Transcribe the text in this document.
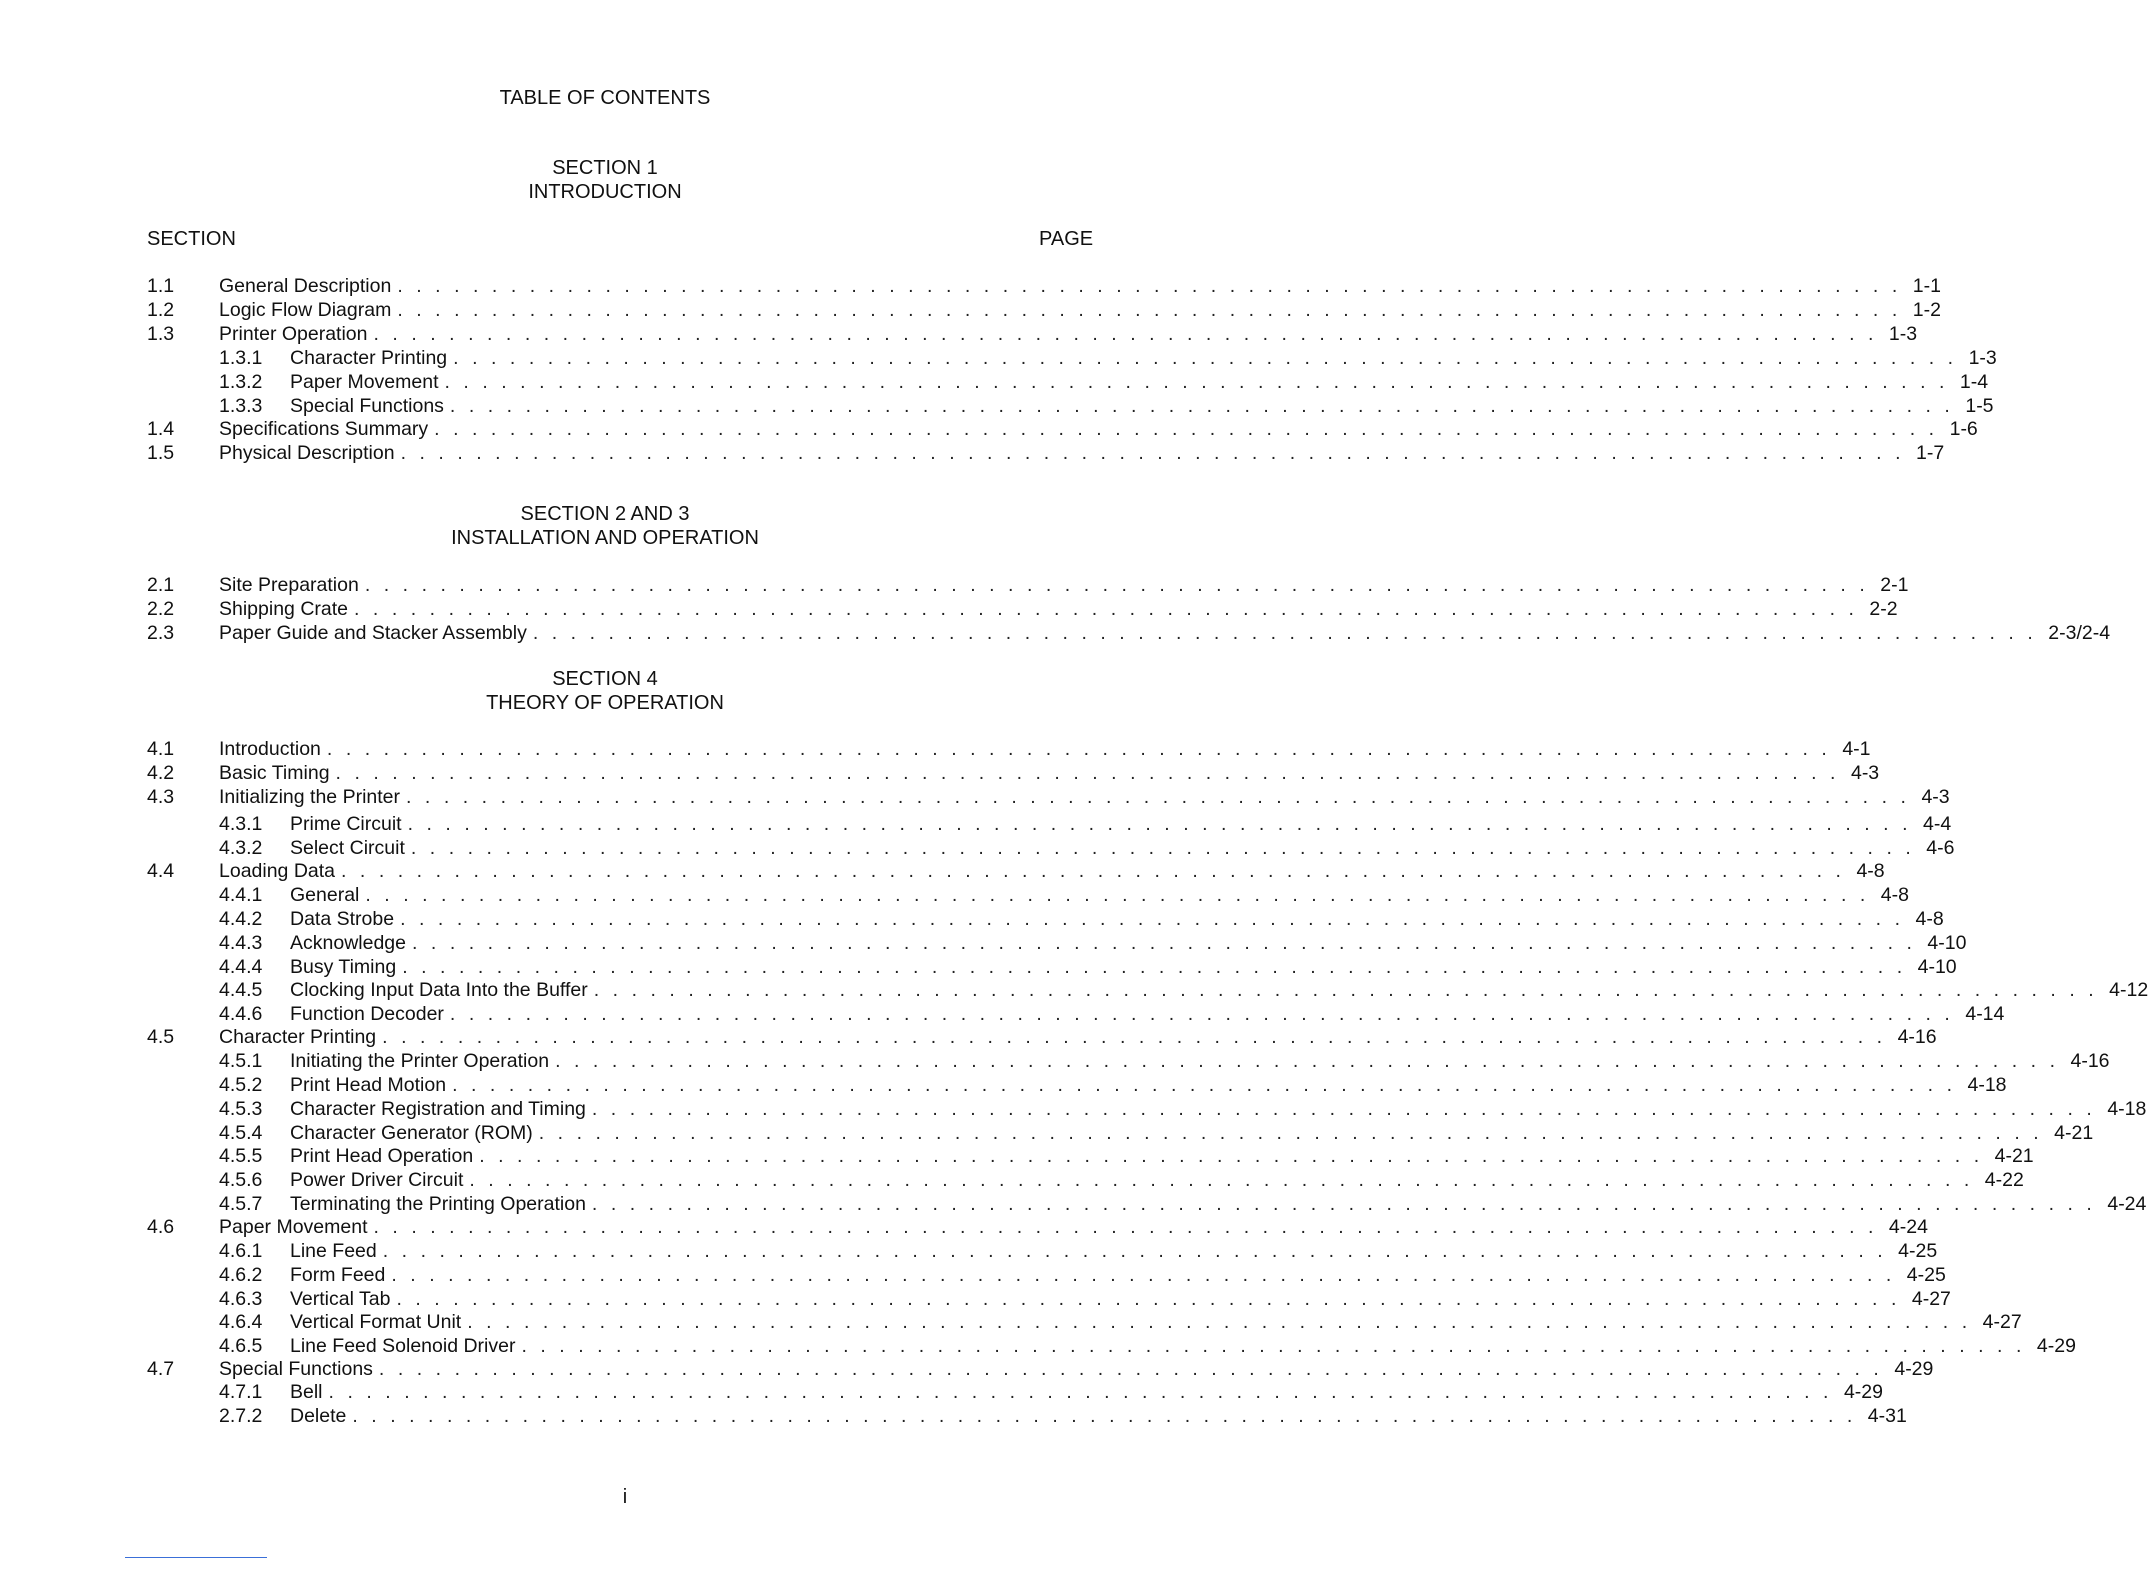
TABLE OF CONTENTS
SECTION 1
INTRODUCTION
SECTION	PAGE
SECTION 2 AND 3
INSTALLATION AND OPERATION
SECTION 4
THEORY OF OPERATION
1.1	General Description ................................................................................ 1-1
1.2	Logic Flow Diagram ................................................................................ 1-2
1.3	Printer Operation ................................................................................ 1-3
1.3.1	Character Printing ................................................................................ 1-3
1.3.2	Paper Movement ................................................................................ 1-4
1.3.3	Special Functions ................................................................................ 1-5
1.4	Specifications Summary ................................................................................ 1-6
1.5	Physical Description ................................................................................ 1-7
2.1	Site Preparation ................................................................................ 2-1
2.2	Shipping Crate ................................................................................ 2-2
2.3	Paper Guide and Stacker Assembly ................................................................................ 2-3/2-4
4.1	Introduction ................................................................................ 4-1
4.2	Basic Timing ................................................................................ 4-3
4.3	Initializing the Printer ................................................................................ 4-3
4.3.1	Prime Circuit ................................................................................ 4-4
4.3.2	Select Circuit ................................................................................ 4-6
4.4	Loading Data ................................................................................ 4-8
4.4.1	General ................................................................................ 4-8
4.4.2	Data Strobe ................................................................................ 4-8
4.4.3	Acknowledge ................................................................................ 4-10
4.4.4	Busy Timing ................................................................................ 4-10
4.4.5	Clocking Input Data Into the Buffer ................................................................................ 4-12
4.4.6	Function Decoder ................................................................................ 4-14
4.5	Character Printing ................................................................................ 4-16
4.5.1	Initiating the Printer Operation ................................................................................ 4-16
4.5.2	Print Head Motion ................................................................................ 4-18
4.5.3	Character Registration and Timing ................................................................................ 4-18
4.5.4	Character Generator (ROM) ................................................................................ 4-21
4.5.5	Print Head Operation ................................................................................ 4-21
4.5.6	Power Driver Circuit ................................................................................ 4-22
4.5.7	Terminating the Printing Operation ................................................................................ 4-24
4.6	Paper Movement ................................................................................ 4-24
4.6.1	Line Feed ................................................................................ 4-25
4.6.2	Form Feed ................................................................................ 4-25
4.6.3	Vertical Tab ................................................................................ 4-27
4.6.4	Vertical Format Unit ................................................................................ 4-27
4.6.5	Line Feed Solenoid Driver ................................................................................ 4-29
4.7	Special Functions ................................................................................ 4-29
4.7.1	Bell ................................................................................ 4-29
2.7.2	Delete ................................................................................ 4-31
i
